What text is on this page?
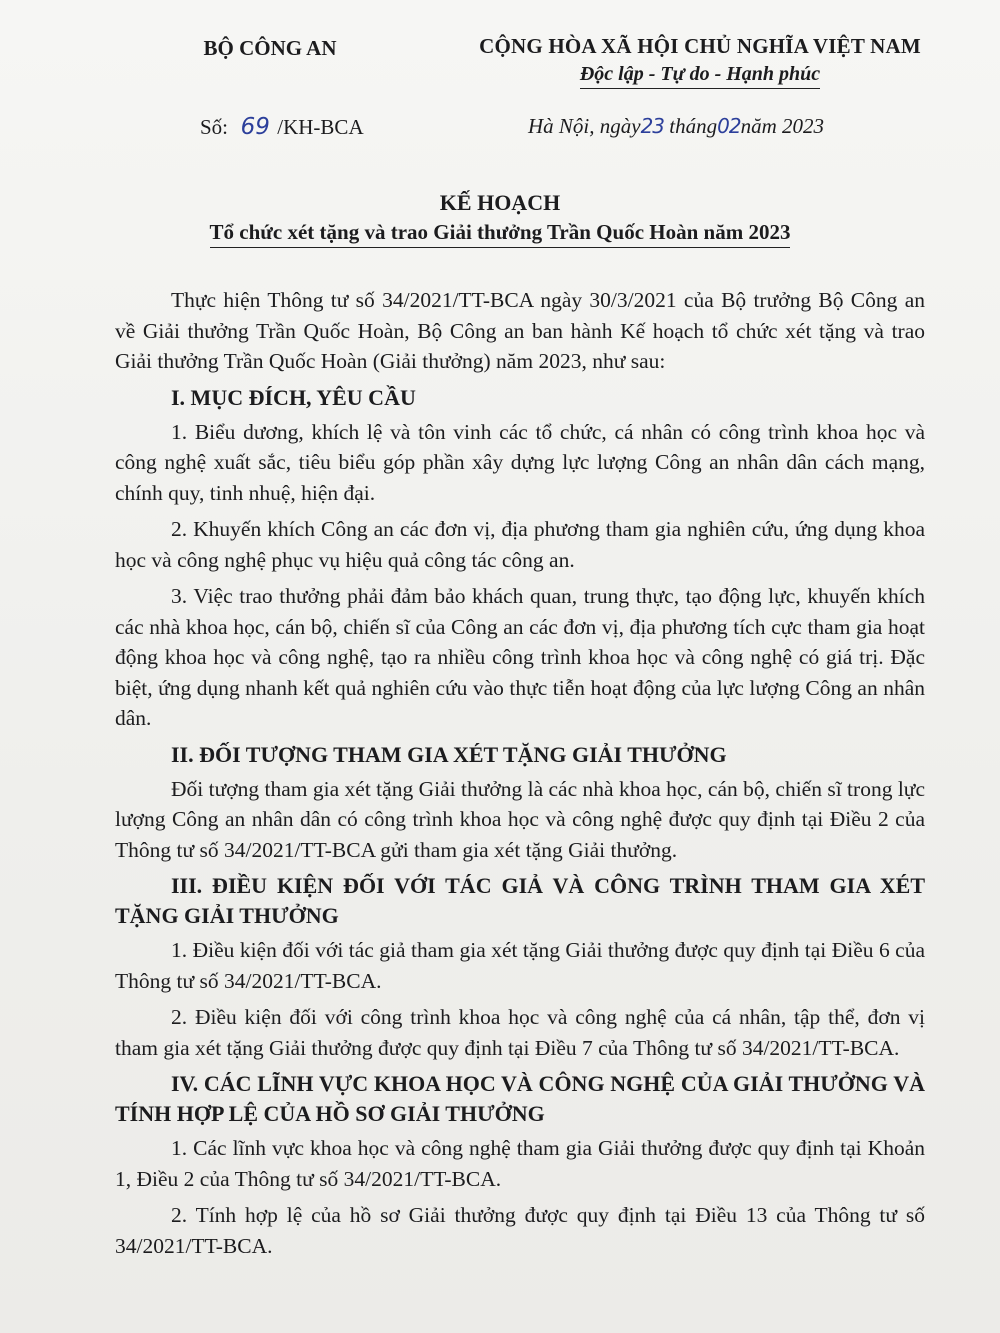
BỘ CÔNG AN	CỘNG HÒA XÃ HỘI CHỦ NGHĨA VIỆT NAM
Độc lập - Tự do - Hạnh phúc
Số: 69 /KH-BCA	Hà Nội, ngày23 tháng02năm 2023
KẾ HOẠCH
Tổ chức xét tặng và trao Giải thưởng Trần Quốc Hoàn năm 2023

Thực hiện Thông tư số 34/2021/TT-BCA ngày 30/3/2021 của Bộ trưởng Bộ Công an về Giải thưởng Trần Quốc Hoàn, Bộ Công an ban hành Kế hoạch tổ chức xét tặng và trao Giải thưởng Trần Quốc Hoàn (Giải thưởng) năm 2023, như sau:

I. MỤC ĐÍCH, YÊU CẦU

1. Biểu dương, khích lệ và tôn vinh các tổ chức, cá nhân có công trình khoa học và công nghệ xuất sắc, tiêu biểu góp phần xây dựng lực lượng Công an nhân dân cách mạng, chính quy, tinh nhuệ, hiện đại.

2. Khuyến khích Công an các đơn vị, địa phương tham gia nghiên cứu, ứng dụng khoa học và công nghệ phục vụ hiệu quả công tác công an.

3. Việc trao thưởng phải đảm bảo khách quan, trung thực, tạo động lực, khuyến khích các nhà khoa học, cán bộ, chiến sĩ của Công an các đơn vị, địa phương tích cực tham gia hoạt động khoa học và công nghệ, tạo ra nhiều công trình khoa học và công nghệ có giá trị. Đặc biệt, ứng dụng nhanh kết quả nghiên cứu vào thực tiễn hoạt động của lực lượng Công an nhân dân.

II. ĐỐI TƯỢNG THAM GIA XÉT TẶNG GIẢI THƯỞNG

Đối tượng tham gia xét tặng Giải thưởng là các nhà khoa học, cán bộ, chiến sĩ trong lực lượng Công an nhân dân có công trình khoa học và công nghệ được quy định tại Điều 2 của Thông tư số 34/2021/TT-BCA gửi tham gia xét tặng Giải thưởng.

III. ĐIỀU KIỆN ĐỐI VỚI TÁC GIẢ VÀ CÔNG TRÌNH THAM GIA XÉT TẶNG GIẢI THƯỞNG

1. Điều kiện đối với tác giả tham gia xét tặng Giải thưởng được quy định tại Điều 6 của Thông tư số 34/2021/TT-BCA.

2. Điều kiện đối với công trình khoa học và công nghệ của cá nhân, tập thể, đơn vị tham gia xét tặng Giải thưởng được quy định tại Điều 7 của Thông tư số 34/2021/TT-BCA.

IV. CÁC LĨNH VỰC KHOA HỌC VÀ CÔNG NGHỆ CỦA GIẢI THƯỞNG VÀ TÍNH HỢP LỆ CỦA HỒ SƠ GIẢI THƯỞNG

1. Các lĩnh vực khoa học và công nghệ tham gia Giải thưởng được quy định tại Khoản 1, Điều 2 của Thông tư số 34/2021/TT-BCA.

2. Tính hợp lệ của hồ sơ Giải thưởng được quy định tại Điều 13 của Thông tư số 34/2021/TT-BCA.
